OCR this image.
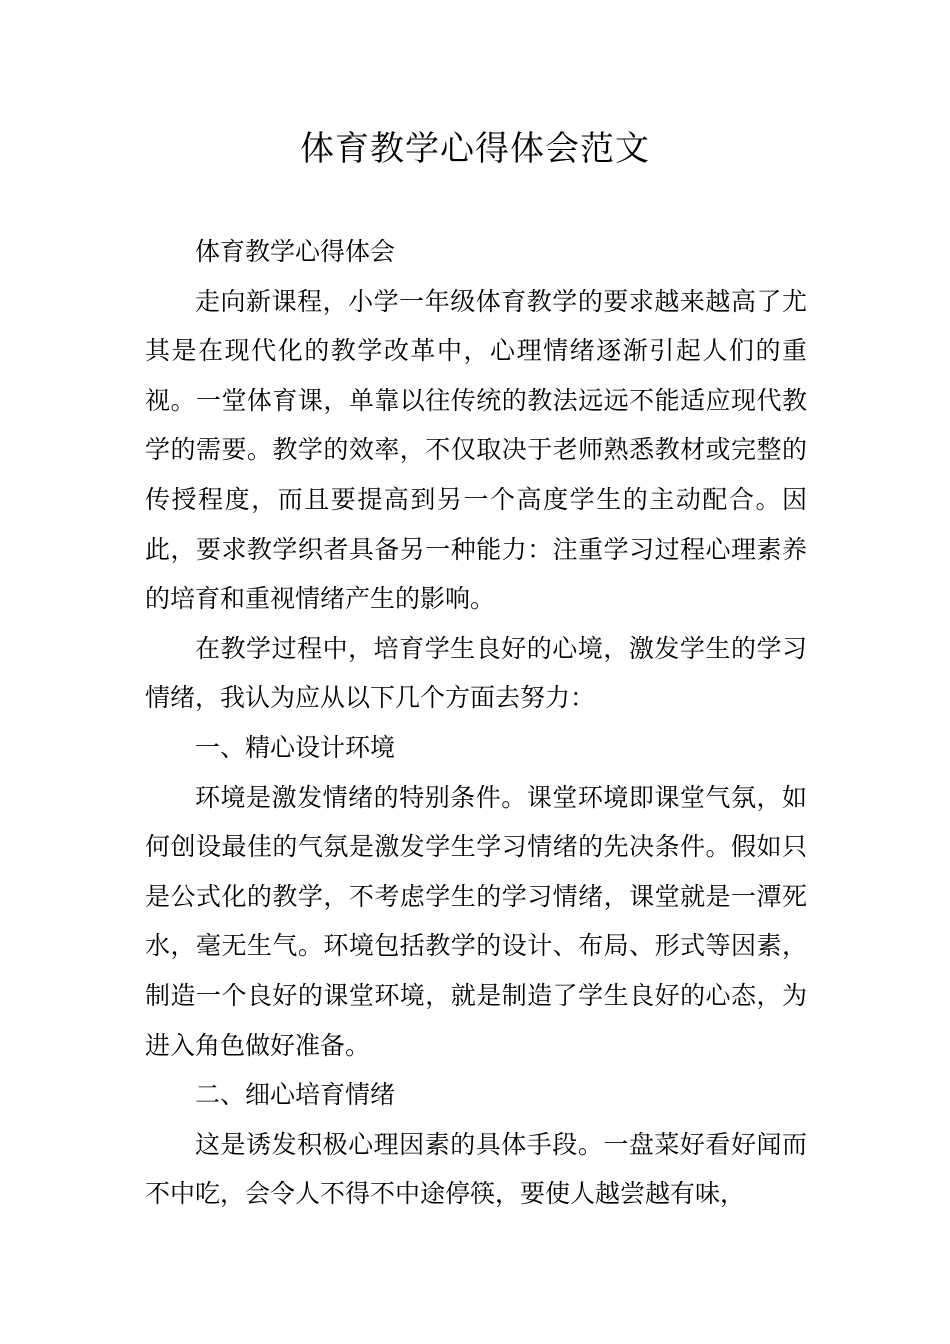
体育教学心得体会范文

体育教学心得体会

走向新课程，小学一年级体育教学的要求越来越高了尤其是在现代化的教学改革中，心理情绪逐渐引起人们的重视。一堂体育课，单靠以往传统的教法远远不能适应现代教学的需要。教学的效率，不仅取决于老师熟悉教材或完整的传授程度，而且要提高到另一个高度学生的主动配合。因此，要求教学织者具备另一种能力：注重学习过程心理素养的培育和重视情绪产生的影响。

在教学过程中，培育学生良好的心境，激发学生的学习情绪，我认为应从以下几个方面去努力：

一、精心设计环境

环境是激发情绪的特别条件。课堂环境即课堂气氛，如何创设最佳的气氛是激发学生学习情绪的先决条件。假如只是公式化的教学，不考虑学生的学习情绪，课堂就是一潭死水，毫无生气。环境包括教学的设计、布局、形式等因素，制造一个良好的课堂环境，就是制造了学生良好的心态，为进入角色做好准备。

二、细心培育情绪

这是诱发积极心理因素的具体手段。一盘菜好看好闻而不中吃，会令人不得不中途停筷，要使人越尝越有味，
